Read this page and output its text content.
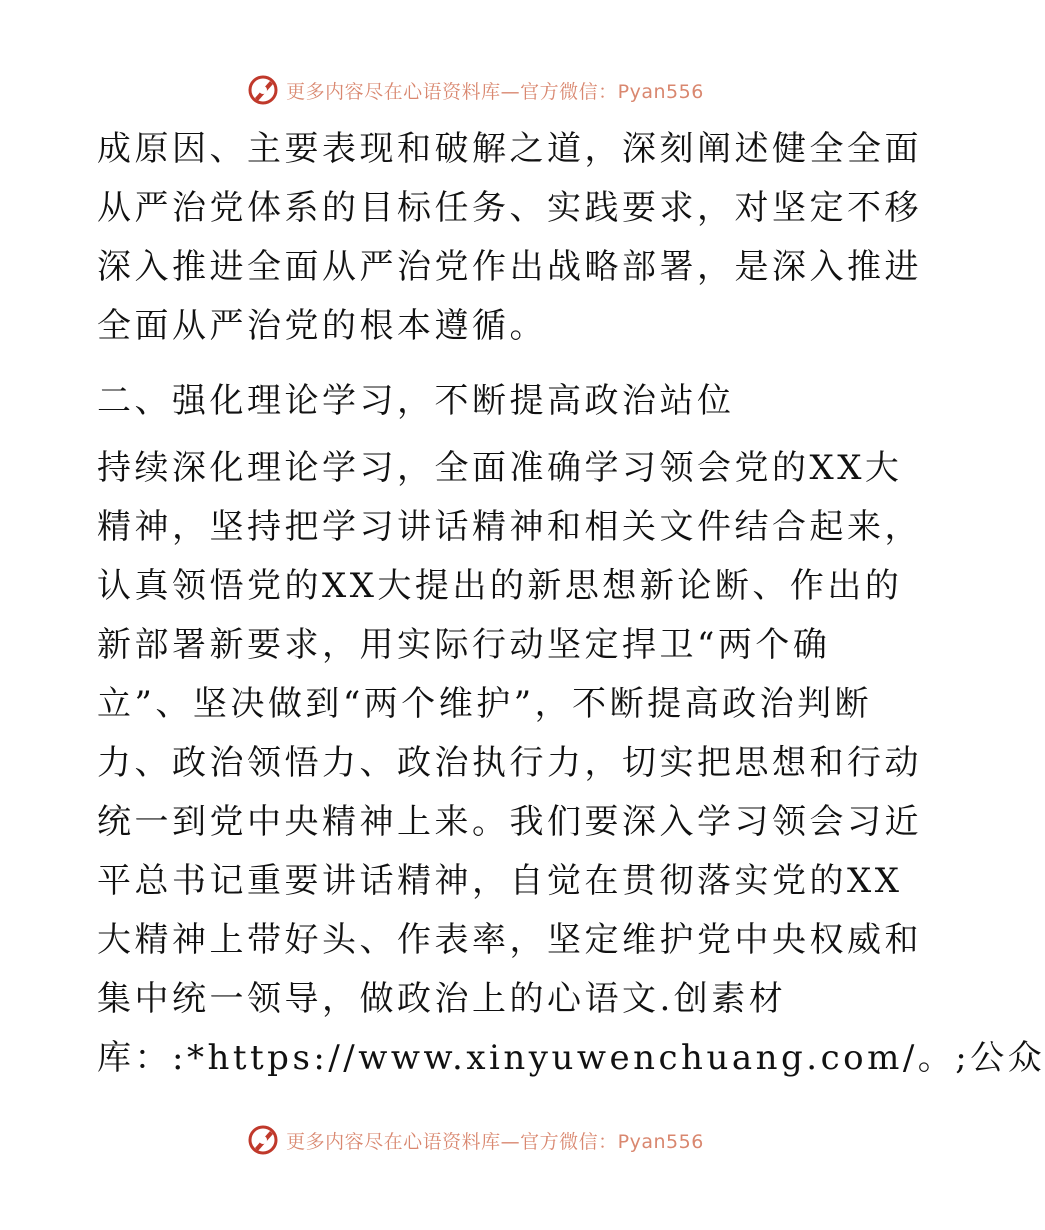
更多内容尽在心语资料库—官方微信：Pyan556
成原因、主要表现和破解之道，深刻阐述健全全面
从严治党体系的目标任务、实践要求，对坚定不移
深入推进全面从严治党作出战略部署，是深入推进
全面从严治党的根本遵循。
二、强化理论学习，不断提高政治站位
持续深化理论学习，全面准确学习领会党的XX大
精神，坚持把学习讲话精神和相关文件结合起来，
认真领悟党的XX大提出的新思想新论断、作出的
新部署新要求，用实际行动坚定捍卫“两个确
立”、坚决做到“两个维护”，不断提高政治判断
力、政治领悟力、政治执行力，切实把思想和行动
统一到党中央精神上来。我们要深入学习领会习近
平总书记重要讲话精神，自觉在贯彻落实党的XX
大精神上带好头、作表率，坚定维护党中央权威和
集中统一领导，做政治上的心语文.创素材
库：:*https://www.xinyuwenchuang.com/。;公众
更多内容尽在心语资料库—官方微信：Pyan556
